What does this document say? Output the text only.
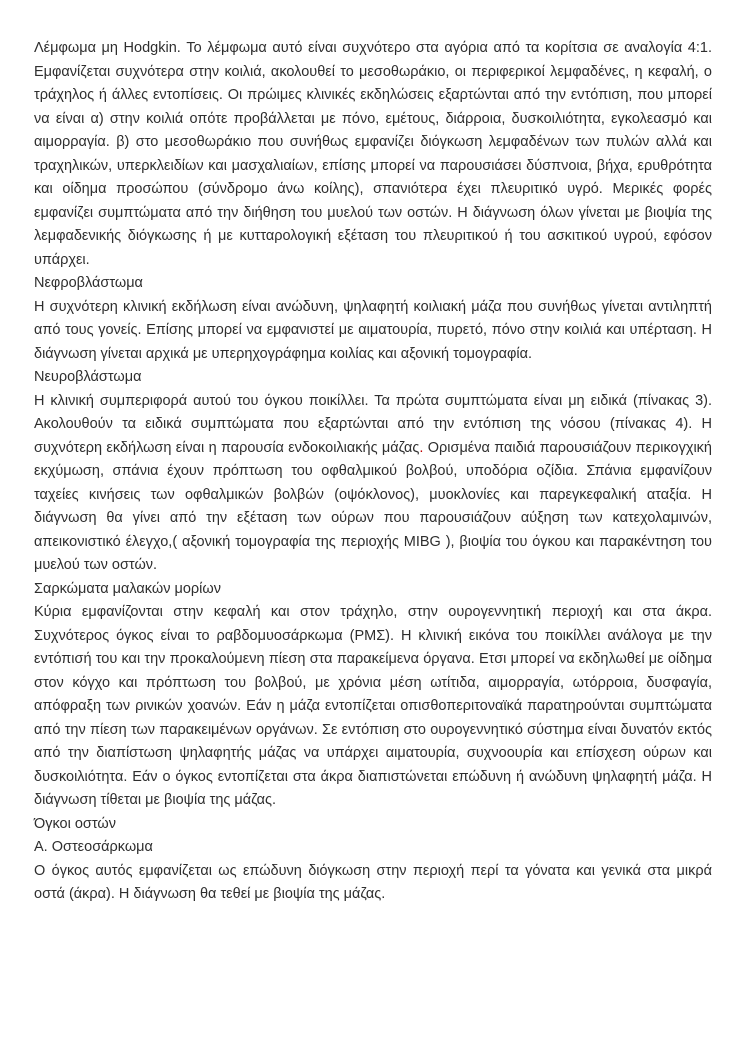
Λέμφωμα μη Hodgkin. Το λέμφωμα αυτό είναι συχνότερο στα αγόρια από τα κορίτσια σε αναλογία 4:1. Εμφανίζεται συχνότερα στην κοιλιά, ακολουθεί το μεσοθωράκιο, οι περιφερικοί λεμφαδένες, η κεφαλή, ο τράχηλος ή άλλες εντοπίσεις. Οι πρώιμες κλινικές εκδηλώσεις εξαρτώνται από την εντόπιση, που μπορεί να είναι α) στην κοιλιά οπότε προβάλλεται με πόνο, εμέτους, διάρροια, δυσκοιλιότητα, εγκολεασμό και αιμορραγία. β) στο μεσοθωράκιο που συνήθως εμφανίζει διόγκωση λεμφαδένων των πυλών αλλά και τραχηλικών, υπερκλειδίων και μασχαλιαίων, επίσης μπορεί να παρουσιάσει δύσπνοια, βήχα, ερυθρότητα και οίδημα προσώπου (σύνδρομο άνω κοίλης), σπανιότερα έχει πλευριτικό υγρό. Μερικές φορές εμφανίζει συμπτώματα από την διήθηση του μυελού των οστών. Η διάγνωση όλων γίνεται με βιοψία της λεμφαδενικής διόγκωσης ή με κυτταρολογική εξέταση του πλευριτικού ή του ασκιτικού υγρού, εφόσον υπάρχει.

Νεφροβλάστωμα

Η συχνότερη κλινική εκδήλωση είναι ανώδυνη, ψηλαφητή κοιλιακή μάζα που συνήθως γίνεται αντιληπτή από τους γονείς. Επίσης μπορεί να εμφανιστεί με αιματουρία, πυρετό, πόνο στην κοιλιά και υπέρταση. Η διάγνωση γίνεται αρχικά με υπερηχογράφημα κοιλίας και αξονική τομογραφία.

Νευροβλάστωμα

Η κλινική συμπεριφορά αυτού του όγκου ποικίλλει. Τα πρώτα συμπτώματα είναι μη ειδικά (πίνακας 3). Ακολουθούν τα ειδικά συμπτώματα που εξαρτώνται από την εντόπιση της νόσου (πίνακας 4). Η συχνότερη εκδήλωση είναι η παρουσία ενδοκοιλιακής μάζας. Ορισμένα παιδιά παρουσιάζουν περικογχική εκχύμωση, σπάνια έχουν πρόπτωση του οφθαλμικού βολβού, υποδόρια οζίδια. Σπάνια εμφανίζουν ταχείες κινήσεις των οφθαλμικών βολβών (οψόκλονος), μυοκλονίες και παρεγκεφαλική αταξία. Η διάγνωση θα γίνει από την εξέταση των ούρων που παρουσιάζουν αύξηση των κατεχολαμινών, απεικονιστικό έλεγχο,( αξονική τομογραφία της περιοχής MIBG ), βιοψία του όγκου και παρακέντηση του μυελού των οστών.

Σαρκώματα μαλακών μορίων

Κύρια εμφανίζονται στην κεφαλή και στον τράχηλο, στην ουρογεννητική περιοχή και στα άκρα. Συχνότερος όγκος είναι το ραβδομυοσάρκωμα (ΡΜΣ). Η κλινική εικόνα του ποικίλλει ανάλογα με την εντόπισή του και την προκαλούμενη πίεση στα παρακείμενα όργανα. Ετσι μπορεί να εκδηλωθεί με οίδημα στον κόγχο και πρόπτωση του βολβού, με χρόνια μέση ωτίτιδα, αιμορραγία, ωτόρροια, δυσφαγία, απόφραξη των ρινικών χοανών. Εάν η μάζα εντοπίζεται οπισθοπεριτοναϊκά παρατηρούνται συμπτώματα από την πίεση των παρακειμένων οργάνων. Σε εντόπιση στο ουρογεννητικό σύστημα είναι δυνατόν εκτός από την διαπίστωση ψηλαφητής μάζας να υπάρχει αιματουρία, συχνοουρία και επίσχεση ούρων και δυσκοιλιότητα. Εάν ο όγκος εντοπίζεται στα άκρα διαπιστώνεται επώδυνη ή ανώδυνη ψηλαφητή μάζα. Η διάγνωση τίθεται με βιοψία της μάζας.

Όγκοι οστών

Α. Οστεοσάρκωμα

Ο όγκος αυτός εμφανίζεται ως επώδυνη διόγκωση στην περιοχή περί τα γόνατα και γενικά στα μικρά οστά (άκρα). Η διάγνωση θα τεθεί με βιοψία της μάζας.
